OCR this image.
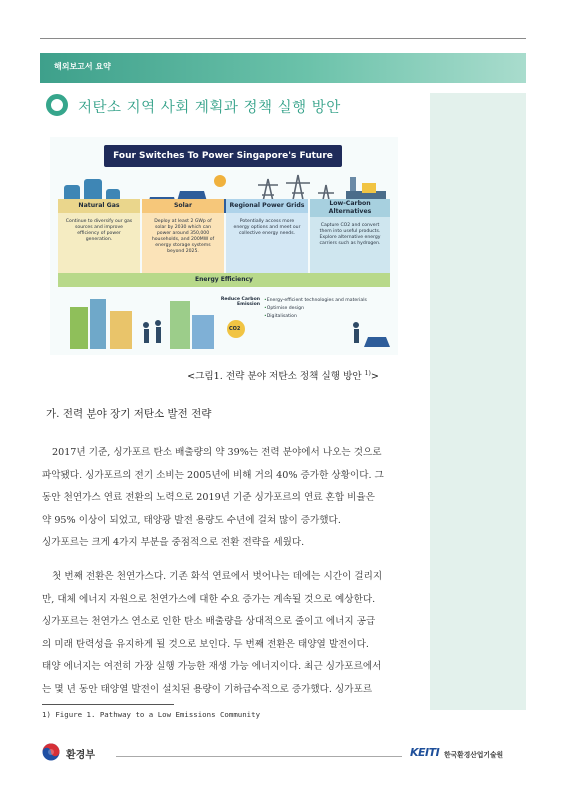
해외보고서 요약
저탄소 지역 사회 계획과 정책 실행 방안
Four Switches To Power Singapore's Future
Natural Gas
Continue to diversify our gas sources and improve efficiency of power generation.
Solar
Deploy at least 2 GWp of solar by 2030 which can power around 350,000 households, and 200MW of energy storage systems beyond 2025.
Regional Power Grids
Potentially access more energy options and meet our collective energy needs.
Low-Carbon Alternatives
Capture CO2 and convert them into useful products. Explore alternative energy carriers such as hydrogen.
Energy Efficiency
Reduce Carbon Emission
CO2
• Energy-efficient technologies and materials
• Optimise design
• Digitalisation
<그림1. 전략 분야 저탄소 정책 실행 방안 $^{1)}$>
가. 전력 분야 장기 저탄소 발전 전략
2017년 기준, 싱가포르 탄소 배출량의 약 39%는 전력 분야에서 나오는 것으로
파악됐다. 싱가포르의 전기 소비는 2005년에 비해 거의 40% 증가한 상황이다. 그
동안 천연가스 연료 전환의 노력으로 2019년 기준 싱가포르의 연료 혼합 비율은
약 95% 이상이 되었고, 태양광 발전 용량도 수년에 걸쳐 많이 증가했다.
싱가포르는 크게 4가지 부분을 중점적으로 전환 전략을 세웠다.
첫 번째 전환은 천연가스다. 기존 화석 연료에서 벗어나는 데에는 시간이 걸리지
만, 대체 에너지 자원으로 천연가스에 대한 수요 증가는 계속될 것으로 예상한다.
싱가포르는 천연가스 연소로 인한 탄소 배출량을 상대적으로 줄이고 에너지 공급
의 미래 탄력성을 유지하게 될 것으로 보인다. 두 번째 전환은 태양열 발전이다.
태양 에너지는 여전히 가장 실행 가능한 재생 가능 에너지이다. 최근 싱가포르에서
는 몇 년 동안 태양열 발전이 설치된 용량이 기하급수적으로 증가했다. 싱가포르
1) Figure 1. Pathway to a Low Emissions Community
환경부	KEITI 한국환경산업기술원
